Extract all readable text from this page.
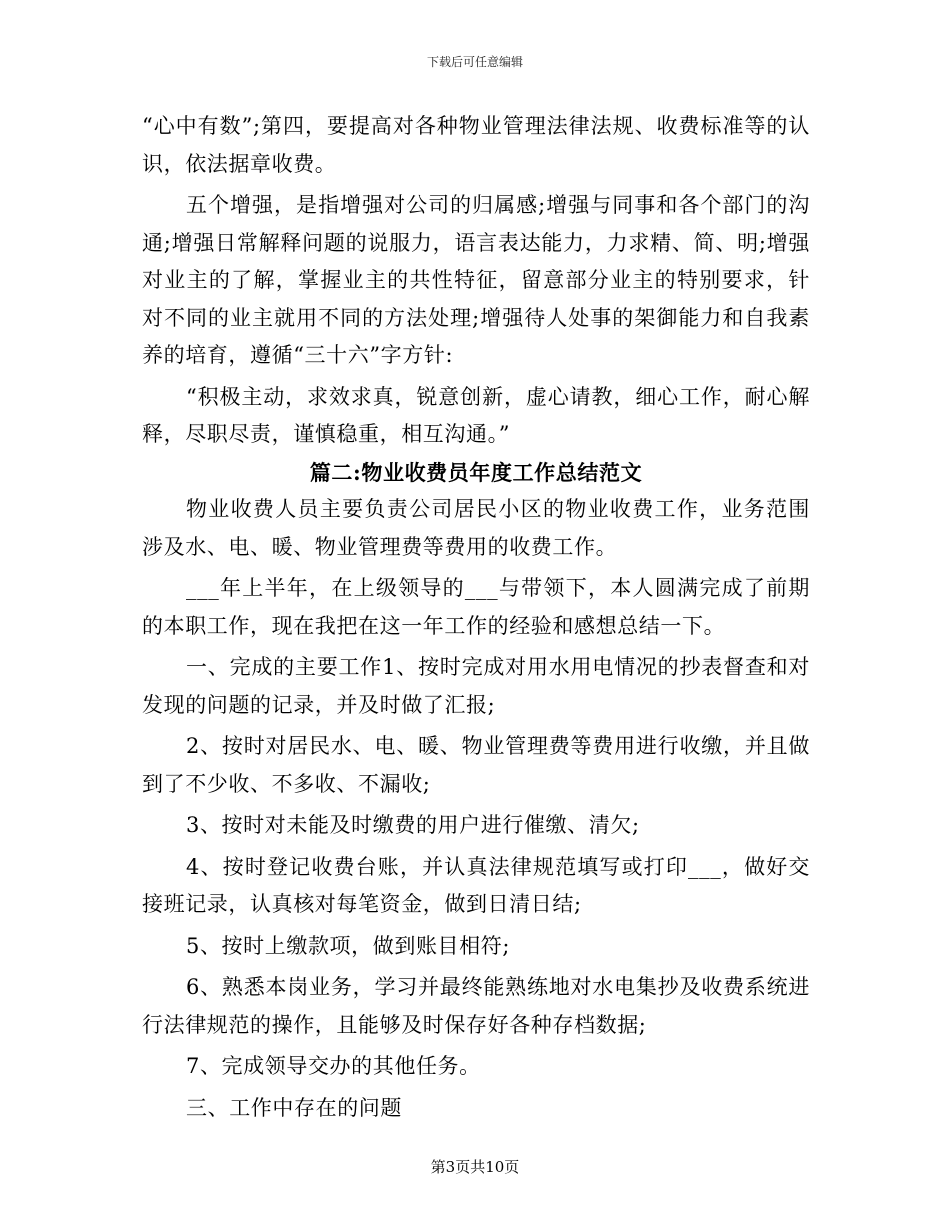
下载后可任意编辑

“心中有数”;第四，要提高对各种物业管理法律法规、收费标准等的认识，依法据章收费。

五个增强，是指增强对公司的归属感;增强与同事和各个部门的沟通;增强日常解释问题的说服力，语言表达能力，力求精、简、明;增强对业主的了解，掌握业主的共性特征，留意部分业主的特别要求，针对不同的业主就用不同的方法处理;增强待人处事的架御能力和自我素养的培育，遵循“三十六”字方针:

“积极主动，求效求真，锐意创新，虚心请教，细心工作，耐心解释，尽职尽责，谨慎稳重，相互沟通。”

篇二:物业收费员年度工作总结范文

物业收费人员主要负责公司居民小区的物业收费工作，业务范围涉及水、电、暖、物业管理费等费用的收费工作。

___年上半年，在上级领导的___与带领下，本人圆满完成了前期的本职工作，现在我把在这一年工作的经验和感想总结一下。

一、完成的主要工作1、按时完成对用水用电情况的抄表督查和对发现的问题的记录，并及时做了汇报;

2、按时对居民水、电、暖、物业管理费等费用进行收缴，并且做到了不少收、不多收、不漏收;

3、按时对未能及时缴费的用户进行催缴、清欠;

4、按时登记收费台账，并认真法律规范填写或打印___，做好交接班记录，认真核对每笔资金，做到日清日结;

5、按时上缴款项，做到账目相符;

6、熟悉本岗业务，学习并最终能熟练地对水电集抄及收费系统进行法律规范的操作，且能够及时保存好各种存档数据;

7、完成领导交办的其他任务。

三、工作中存在的问题

第3页共10页
